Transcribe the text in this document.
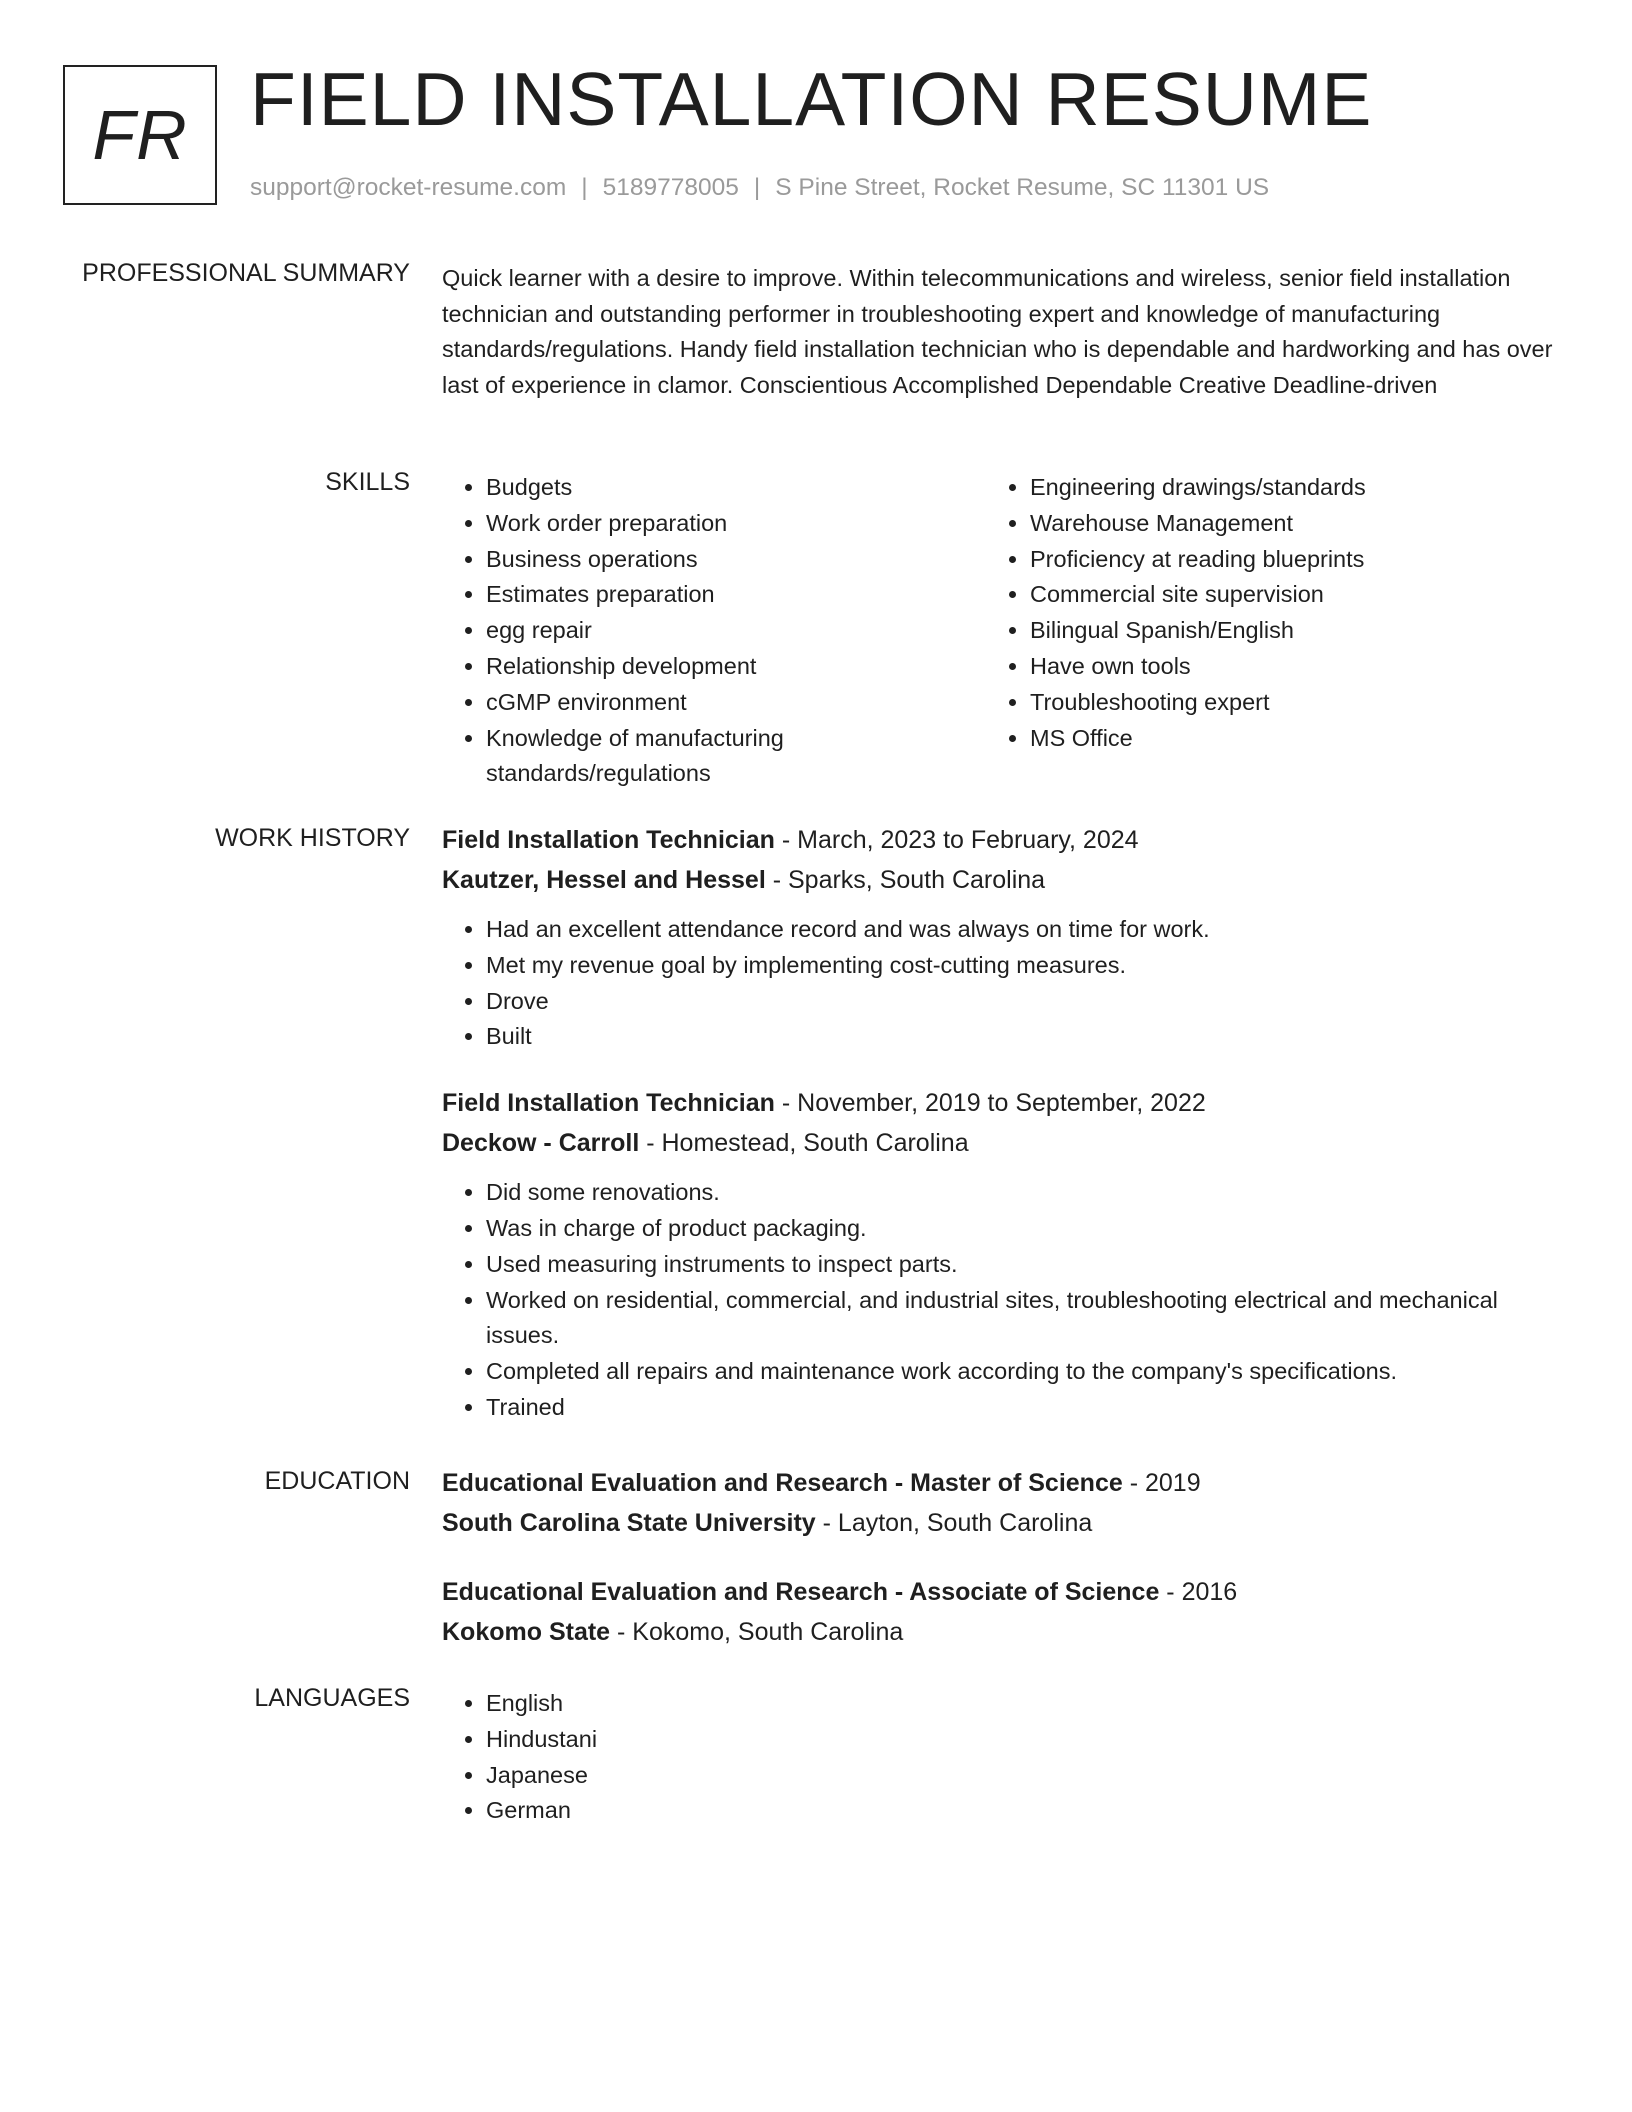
FR FIELD INSTALLATION RESUME
support@rocket-resume.com | 5189778005 | S Pine Street, Rocket Resume, SC 11301 US
PROFESSIONAL SUMMARY Quick learner with a desire to improve. Within telecommunications and wireless, senior field installation technician and outstanding performer in troubleshooting expert and knowledge of manufacturing standards/regulations. Handy field installation technician who is dependable and hardworking and has over last of experience in clamor. Conscientious Accomplished Dependable Creative Deadline-driven

SKILLS	• Budgets
• Work order preparation
• Business operations
• Estimates preparation
• egg repair
• Relationship development
• cGMP environment
• Knowledge of manufacturing standards/regulations
• Engineering drawings/standards
• Warehouse Management
• Proficiency at reading blueprints
• Commercial site supervision
• Bilingual Spanish/English
• Have own tools
• Troubleshooting expert
• MS Office
WORK HISTORY Field Installation Technician - March, 2023 to February, 2024
Kautzer, Hessel and Hessel - Sparks, South Carolina
• Had an excellent attendance record and was always on time for work.
• Met my revenue goal by implementing cost-cutting measures.
• Drove
• Built
Field Installation Technician - November, 2019 to September, 2022
Deckow - Carroll - Homestead, South Carolina
• Did some renovations.
• Was in charge of product packaging.
• Used measuring instruments to inspect parts.
• Worked on residential, commercial, and industrial sites, troubleshooting electrical and mechanical issues.
• Completed all repairs and maintenance work according to the company's specifications.
• Trained
EDUCATION Educational Evaluation and Research - Master of Science - 2019
South Carolina State University - Layton, South Carolina
Educational Evaluation and Research - Associate of Science - 2016
Kokomo State - Kokomo, South Carolina
LANGUAGES	• English
• Hindustani
• Japanese
• German
